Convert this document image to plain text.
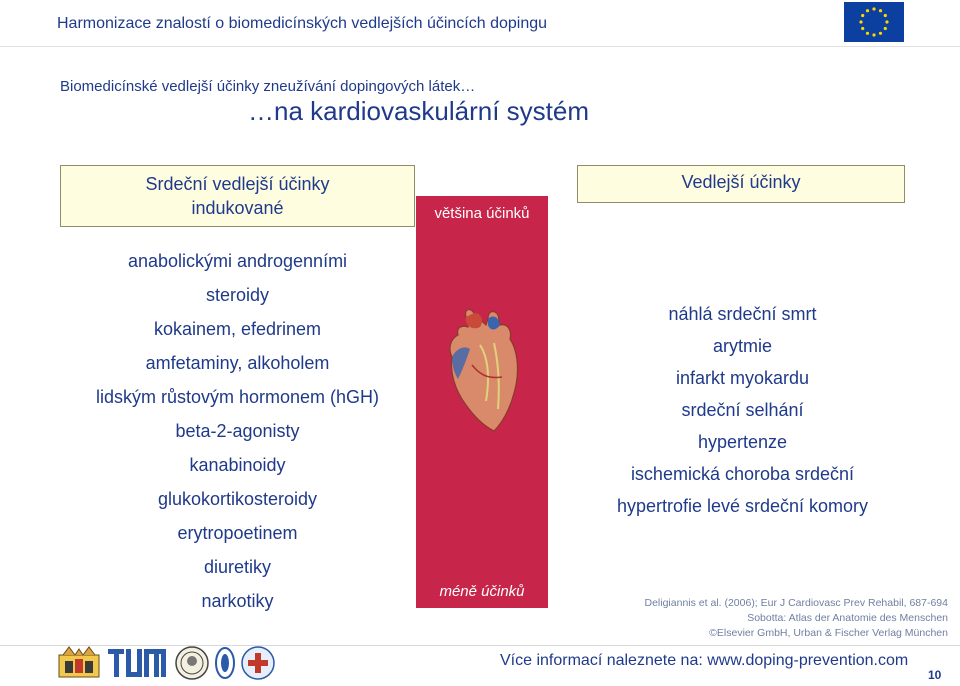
Harmonizace znalostí o biomedicínských vedlejších účincích dopingu
Biomedicínské vedlejší účinky zneužívání dopingových látek…
…na kardiovaskulární systém
Srdeční vedlejší účinky
indukované	většina účinků
méně účinků
Vedlejší účinky
anabolickými androgenními
steroidy
kokainem, efedrinem
amfetaminy, alkoholem
lidským růstovým hormonem (hGH)
beta-2-agonisty
kanabinoidy
glukokortikosteroidy
erytropoetinem
diuretiky
narkotiky
náhlá srdeční smrt
arytmie
infarkt myokardu
srdeční selhání
hypertenze
ischemická choroba srdeční
hypertrofie levé srdeční komory
Deligiannis et al. (2006); Eur J Cardiovasc Prev Rehabil, 687-694
Sobotta: Atlas der Anatomie des Menschen
©Elsevier GmbH, Urban & Fischer Verlag München
Více informací naleznete na: www.doping-prevention.com
10
